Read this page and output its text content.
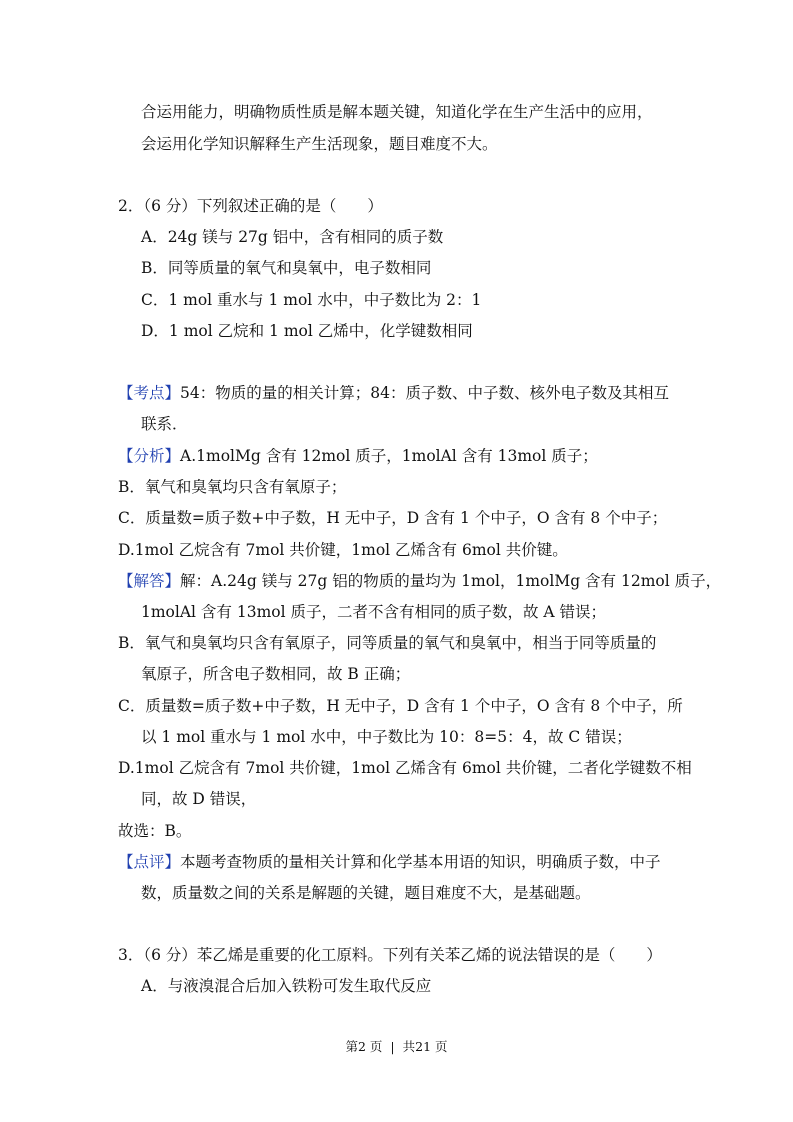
合运用能力，明确物质性质是解本题关键，知道化学在生产生活中的应用，
会运用化学知识解释生产生活现象，题目难度不大。
2．（6 分）下列叙述正确的是（　　）
A．24g 镁与 27g 铝中，含有相同的质子数
B．同等质量的氧气和臭氧中，电子数相同
C．1 mol 重水与 1 mol 水中，中子数比为 2：1
D．1 mol 乙烷和 1 mol 乙烯中，化学键数相同
【考点】54：物质的量的相关计算；84：质子数、中子数、核外电子数及其相互
联系．
【分析】A.1molMg 含有 12mol 质子，1molAl 含有 13mol 质子；
B．氧气和臭氧均只含有氧原子；
C．质量数=质子数+中子数，H 无中子，D 含有 1 个中子，O 含有 8 个中子；
D.1mol 乙烷含有 7mol 共价键，1mol 乙烯含有 6mol 共价键。
【解答】解：A.24g 镁与 27g 铝的物质的量均为 1mol，1molMg 含有 12mol 质子，
1molAl 含有 13mol 质子，二者不含有相同的质子数，故 A 错误；
B．氧气和臭氧均只含有氧原子，同等质量的氧气和臭氧中，相当于同等质量的
氧原子，所含电子数相同，故 B 正确；
C．质量数=质子数+中子数，H 无中子，D 含有 1 个中子，O 含有 8 个中子，所
以 1 mol 重水与 1 mol 水中，中子数比为 10：8=5：4，故 C 错误；
D.1mol 乙烷含有 7mol 共价键，1mol 乙烯含有 6mol 共价键，二者化学键数不相
同，故 D 错误，
故选：B。
【点评】本题考查物质的量相关计算和化学基本用语的知识，明确质子数，中子
数，质量数之间的关系是解题的关键，题目难度不大，是基础题。
3．（6 分）苯乙烯是重要的化工原料。下列有关苯乙烯的说法错误的是（　　）
A．与液溴混合后加入铁粉可发生取代反应
第2 页 | 共21 页
